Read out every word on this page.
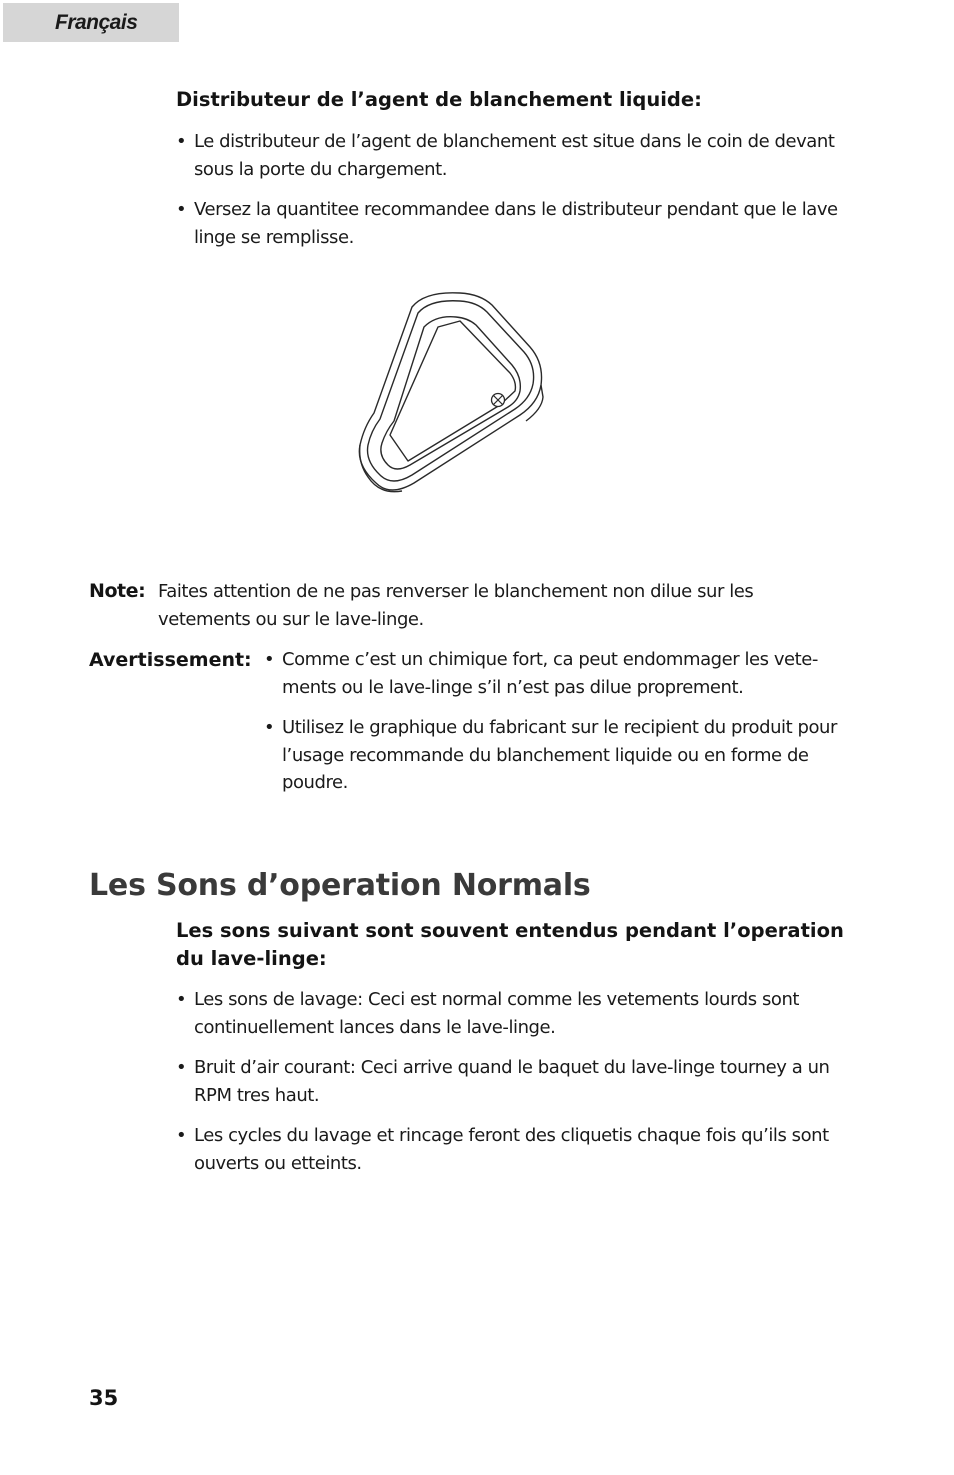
Français
Distributeur de l’agent de blanchement liquide:
• Le distributeur de l’agent de blanchement est situe dans le coin de devant sous la porte du chargement.
• Versez la quantitee recommandee dans le distributeur pendant que le lave linge se remplisse.
Note: Faites attention de ne pas renverser le blanchement non dilue sur les vetements ou sur le lave-linge.
Avertissement: • Comme c’est un chimique fort, ca peut endommager les vete- ments ou le lave-linge s’il n’est pas dilue proprement.
• Utilisez le graphique du fabricant sur le recipient du produit pour l’usage recommande du blanchement liquide ou en forme de poudre.
Les Sons d’operation Normals
Les sons suivant sont souvent entendus pendant l’operation du lave-linge:
• Les sons de lavage: Ceci est normal comme les vetements lourds sont continuellement lances dans le lave-linge.
• Bruit d’air courant: Ceci arrive quand le baquet du lave-linge tourney a un RPM tres haut.
• Les cycles du lavage et rincage feront des cliquetis chaque fois qu’ils sont ouverts ou etteints.
35
